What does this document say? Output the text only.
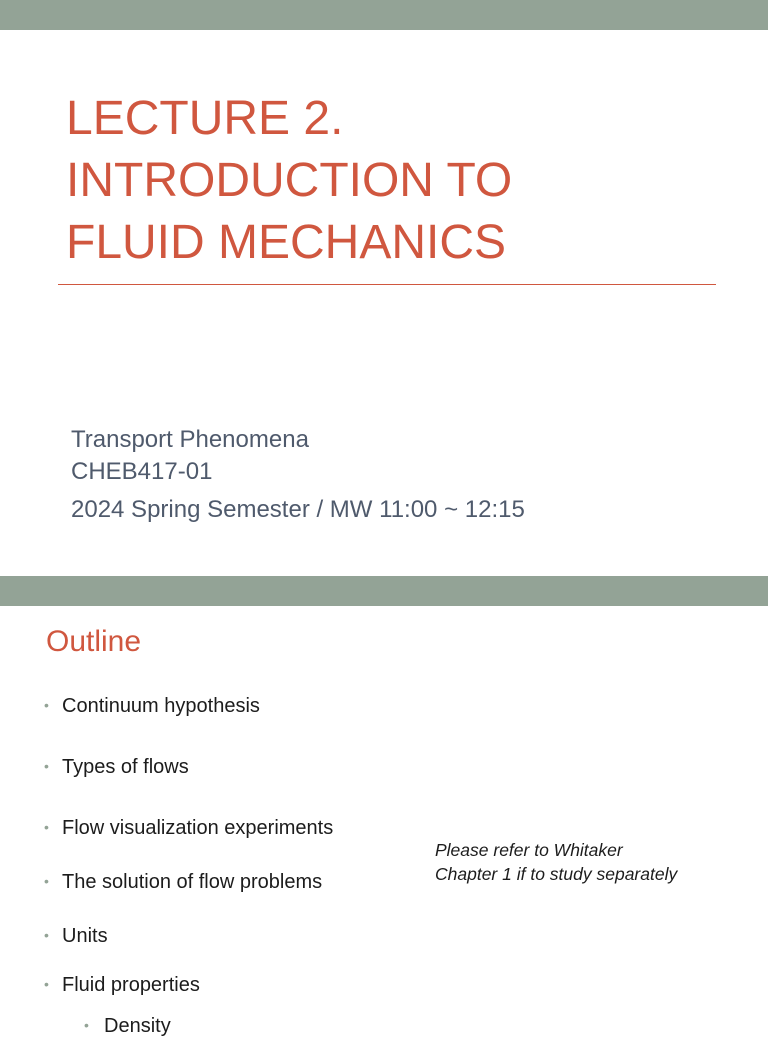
LECTURE 2.
INTRODUCTION TO
FLUID MECHANICS
Transport Phenomena
CHEB417-01
2024 Spring Semester / MW 11:00 ~ 12:15
Outline
• Continuum hypothesis
• Types of flows
• Flow visualization experiments
• The solution of flow problems
• Units
• Fluid properties
• Density
Please refer to Whitaker
Chapter 1 if to study separately
